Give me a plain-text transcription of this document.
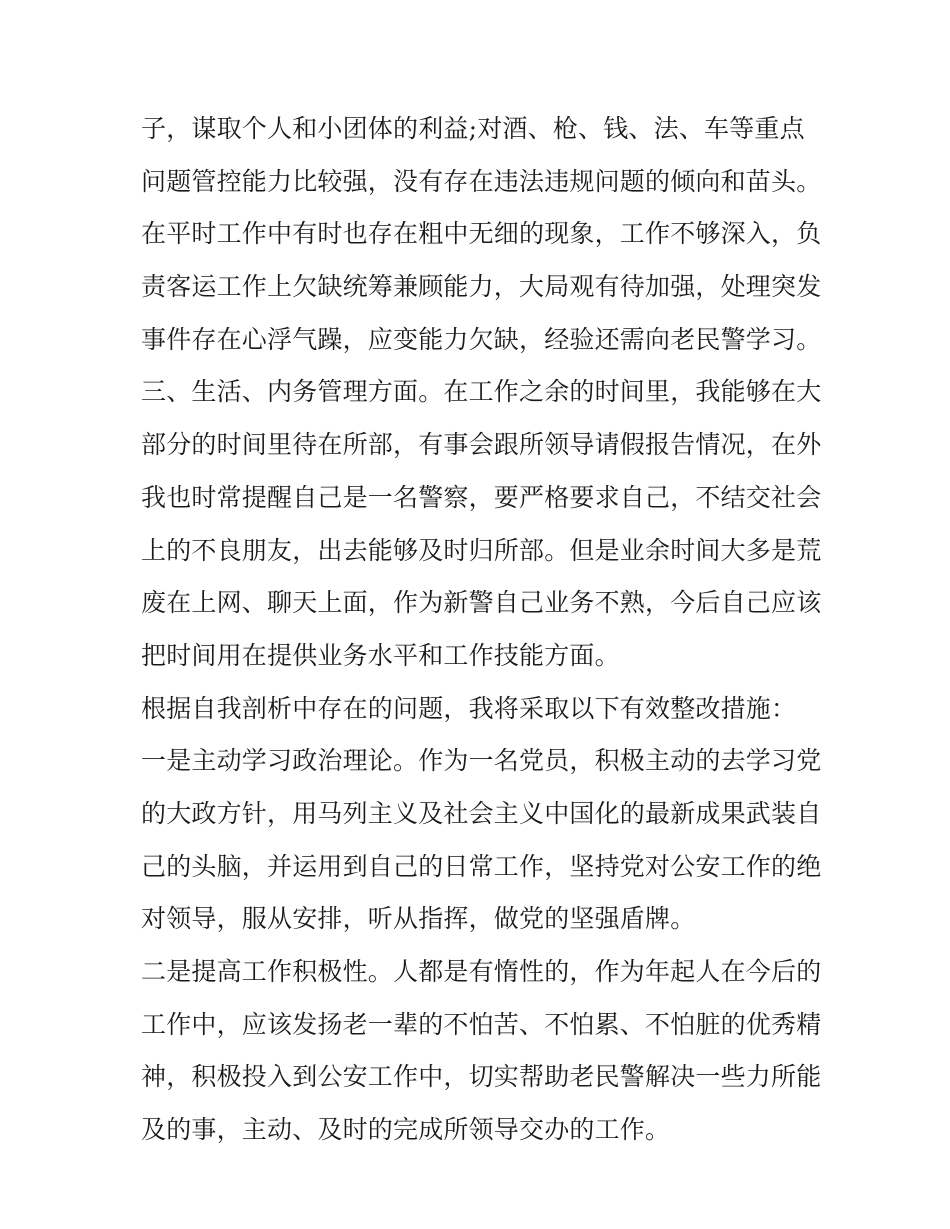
子，谋取个人和小团体的利益;对酒、枪、钱、法、车等重点
问题管控能力比较强，没有存在违法违规问题的倾向和苗头。
在平时工作中有时也存在粗中无细的现象，工作不够深入，负
责客运工作上欠缺统筹兼顾能力，大局观有待加强，处理突发
事件存在心浮气躁，应变能力欠缺，经验还需向老民警学习。
三、生活、内务管理方面。在工作之余的时间里，我能够在大
部分的时间里待在所部，有事会跟所领导请假报告情况，在外
我也时常提醒自己是一名警察，要严格要求自己，不结交社会
上的不良朋友，出去能够及时归所部。但是业余时间大多是荒
废在上网、聊天上面，作为新警自己业务不熟，今后自己应该
把时间用在提供业务水平和工作技能方面。
根据自我剖析中存在的问题，我将采取以下有效整改措施：
一是主动学习政治理论。作为一名党员，积极主动的去学习党
的大政方针，用马列主义及社会主义中国化的最新成果武装自
己的头脑，并运用到自己的日常工作，坚持党对公安工作的绝
对领导，服从安排，听从指挥，做党的坚强盾牌。
二是提高工作积极性。人都是有惰性的，作为年起人在今后的
工作中，应该发扬老一辈的不怕苦、不怕累、不怕脏的优秀精
神，积极投入到公安工作中，切实帮助老民警解决一些力所能
及的事，主动、及时的完成所领导交办的工作。
